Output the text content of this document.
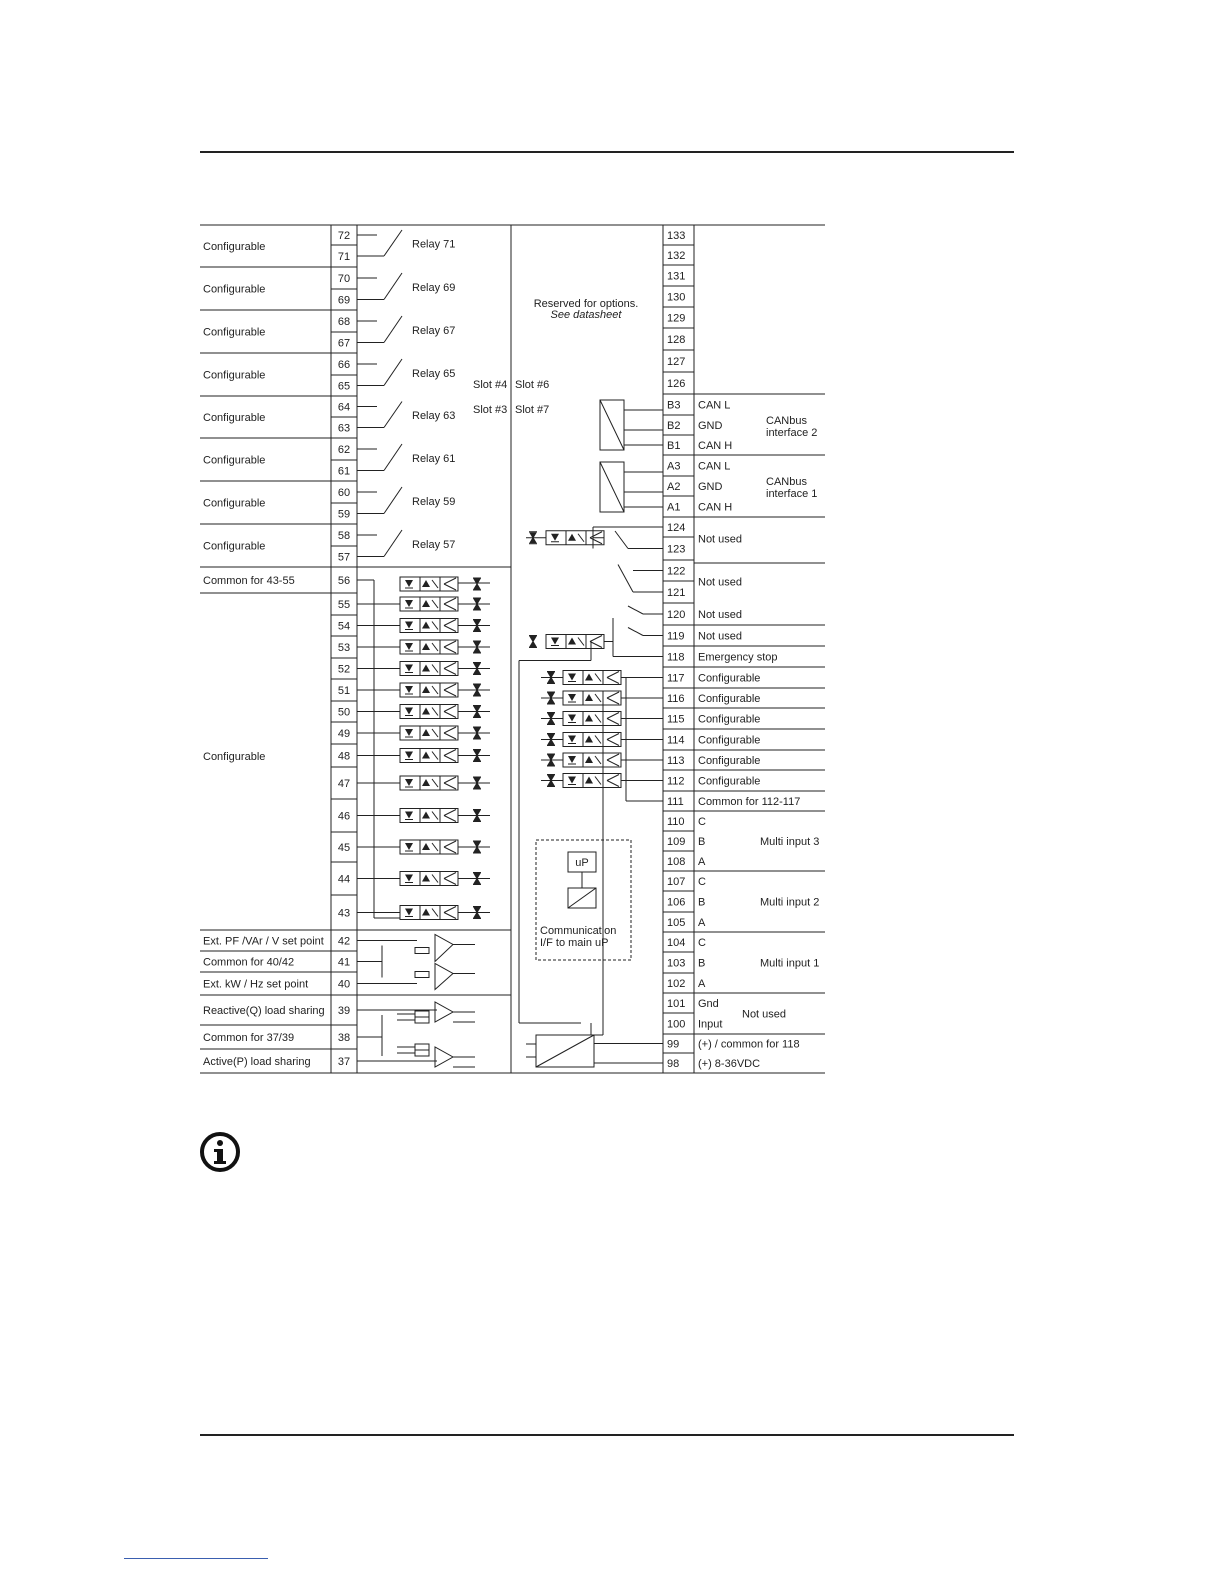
72
71
70
69
68
67
66
65
64
63
62
61
60
59
58
57
56
55
54
53
52
51
50
49
48
47
46
45
44
43
42
41
40
39
38
37
Configurable
Configurable
Configurable
Configurable
Configurable
Configurable
Configurable
Configurable
Common for 43-55
Configurable
Ext. PF /VAr / V set point
Common for 40/42
Ext. kW / Hz set point
Reactive(Q) load sharing
Common for 37/39
Active(P) load sharing
Relay 71
Relay 69
Relay 67
Relay 65
Relay 63
Relay 61
Relay 59
Relay 57
Slot #4 Slot #6
Slot #3 Slot #7
Reserved for options.
See datasheet
133
132
131
130
129
128
127
126
B3
B2
B1
A3
A2
A1
124
123
122
121
120
119
118
117
116
115
114
113
112
111
110
109
108
107
106
105
104
103
102
101
100
99
98
CAN L
GND
CAN H
CAN L
GND
CAN H
Not used
Not used
Not used
Not used
Emergency stop
Configurable
Configurable
Configurable
Configurable
Configurable
Configurable
Common for 112-117
C
B
A
C
B
A
C
B
A
Gnd
Input
Not used
(+) / common for 118
(+) 8-36VDC
CANbus
interface 2
CANbus
interface 1
Multi input 3
Multi input 2
Multi input 1
uP
Communication
I/F to main uP
